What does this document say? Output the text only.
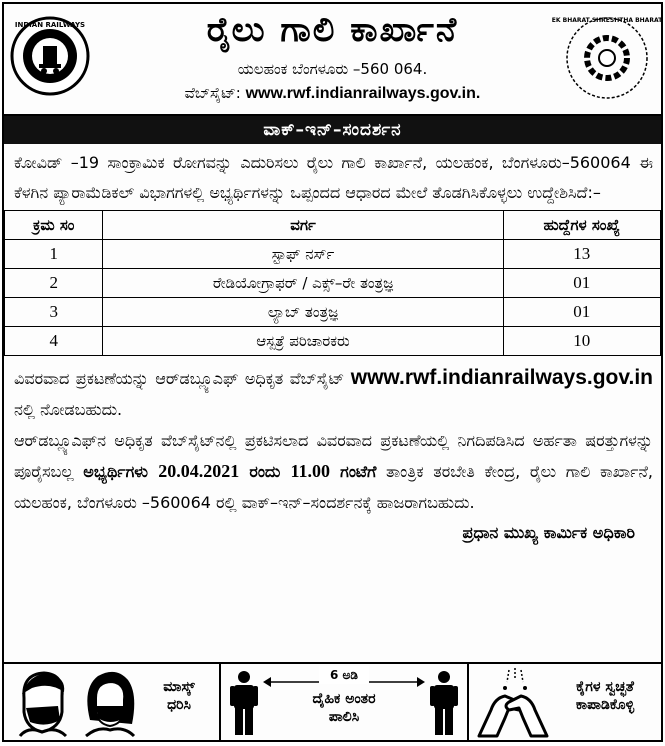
INDIAN RAILWAYS	ರೈಲು ಗಾಲಿ ಕಾರ್ಖಾನೆ
ಯಲಹಂಕ ಬೆಂಗಳೂರು –560 064.
ವೆಬ್‌ಸೈಟ್: www.rwf.indianrailways.gov.in.
EK BHARAT SHRESHTHA BHARAT
ವಾಕ್–ಇನ್–ಸಂದರ್ಶನ
ಕೋವಿಡ್ –19 ಸಾಂಕ್ರಾಮಿಕ ರೋಗವನ್ನು ಎದುರಿಸಲು ರೈಲು ಗಾಲಿ ಕಾರ್ಖಾನೆ, ಯಲಹಂಕ, ಬೆಂಗಳೂರು–560064 ಈ ಕೆಳಗಿನ ಪ್ಯಾರಾಮೆಡಿಕಲ್ ವಿಭಾಗಗಳಲ್ಲಿ ಅಭ್ಯರ್ಥಿಗಳನ್ನು ಒಪ್ಪಂದದ ಆಧಾರದ ಮೇಲೆ ತೊಡಗಿಸಿಕೊಳ್ಳಲು ಉದ್ದೇಶಿಸಿದೆ:–
ಕ್ರಮ ಸಂ	ವರ್ಗ	ಹುದ್ದೆಗಳ ಸಂಖ್ಯೆ
1	ಸ್ಟಾಫ್ ನರ್ಸ್	13
2	ರೇಡಿಯೋಗ್ರಾಫರ್ / ಎಕ್ಸ್–ರೇ ತಂತ್ರಜ್ಞ	01
3	ಲ್ಯಾಬ್ ತಂತ್ರಜ್ಞ	01
4	ಆಸ್ಪತ್ರೆ ಪರಿಚಾರಕರು	10
ವಿವರವಾದ ಪ್ರಕಟಣೆಯನ್ನು ಆರ್‌ಡಬ್ಲ್ಯೂಎಫ್ ಅಧಿಕೃತ ವೆಬ್‌ಸೈಟ್ www.rwf.indianrailways.gov.in ನಲ್ಲಿ ನೋಡಬಹುದು.
ಆರ್‌ಡಬ್ಲ್ಯೂಎಫ್‌ನ ಅಧಿಕೃತ ವೆಬ್‌ಸೈಟ್‌ನಲ್ಲಿ ಪ್ರಕಟಿಸಲಾದ ವಿವರವಾದ ಪ್ರಕಟಣೆಯಲ್ಲಿ ನಿಗದಿಪಡಿಸಿದ ಅರ್ಹತಾ ಷರತ್ತುಗಳನ್ನು ಪೂರೈಸಬಲ್ಲ ಅಭ್ಯರ್ಥಿಗಳು 20.04.2021 ರಂದು 11.00 ಗಂಟೆಗೆ ತಾಂತ್ರಿಕ ತರಬೇತಿ ಕೇಂದ್ರ, ರೈಲು ಗಾಲಿ ಕಾರ್ಖಾನೆ, ಯಲಹಂಕ, ಬೆಂಗಳೂರು –560064 ರಲ್ಲಿ ವಾಕ್–ಇನ್–ಸಂದರ್ಶನಕ್ಕೆ ಹಾಜರಾಗಬಹುದು.
ಪ್ರಧಾನ ಮುಖ್ಯ ಕಾರ್ಮಿಕ ಅಧಿಕಾರಿ
ಮಾಸ್ಕ್
ಧರಿಸಿ
6 ಅಡಿ
ದೈಹಿಕ ಅಂತರ
ಪಾಲಿಸಿ
ಕೈಗಳ ಸ್ವಚ್ಛತೆ
ಕಾಪಾಡಿಕೊಳ್ಳಿ
